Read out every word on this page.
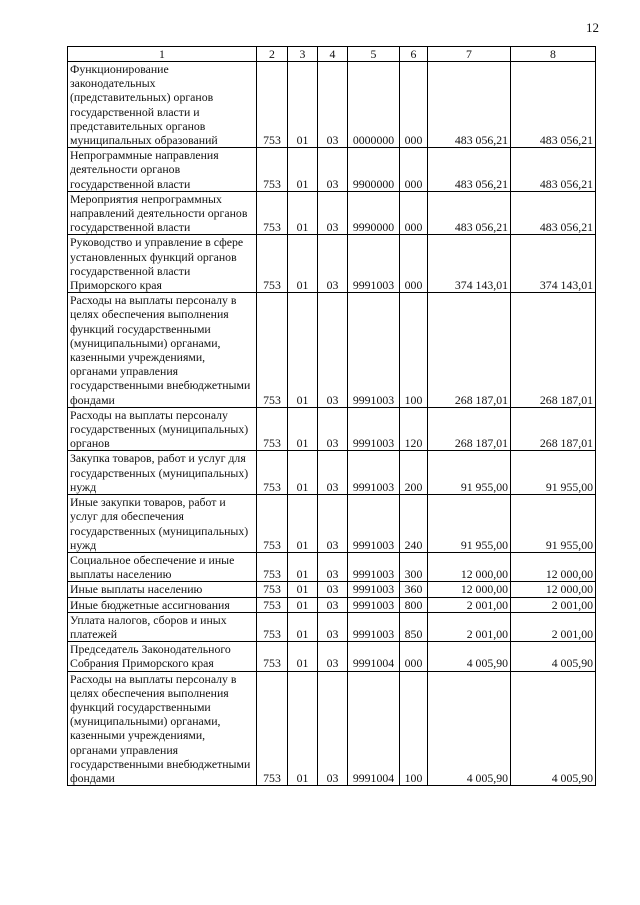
12
1	2	3	4	5	6	7	8
Функционирование законодательных (представительных) органов государственной власти и представительных органов муниципальных образований	753	01	03	0000000	000	483 056,21	483 056,21
Непрограммные направления деятельности органов государственной власти	753	01	03	9900000	000	483 056,21	483 056,21
Мероприятия непрограммных направлений деятельности органов государственной власти	753	01	03	9990000	000	483 056,21	483 056,21
Руководство и управление в сфере установленных функций органов государственной власти Приморского края	753	01	03	9991003	000	374 143,01	374 143,01
Расходы на выплаты персоналу в целях обеспечения выполнения функций государственными (муниципальными) органами, казенными учреждениями, органами управления государственными внебюджетными фондами	753	01	03	9991003	100	268 187,01	268 187,01
Расходы на выплаты персоналу государственных (муниципальных) органов	753	01	03	9991003	120	268 187,01	268 187,01
Закупка товаров, работ и услуг для государственных (муниципальных) нужд	753	01	03	9991003	200	91 955,00	91 955,00
Иные закупки товаров, работ и услуг для обеспечения государственных (муниципальных) нужд	753	01	03	9991003	240	91 955,00	91 955,00
Социальное обеспечение и иные выплаты населению	753	01	03	9991003	300	12 000,00	12 000,00
Иные выплаты населению	753	01	03	9991003	360	12 000,00	12 000,00
Иные бюджетные ассигнования	753	01	03	9991003	800	2 001,00	2 001,00
Уплата налогов, сборов и иных платежей	753	01	03	9991003	850	2 001,00	2 001,00
Председатель Законодательного Собрания Приморского края	753	01	03	9991004	000	4 005,90	4 005,90
Расходы на выплаты персоналу в целях обеспечения выполнения функций государственными (муниципальными) органами, казенными учреждениями, органами управления государственными внебюджетными фондами	753	01	03	9991004	100	4 005,90	4 005,90
